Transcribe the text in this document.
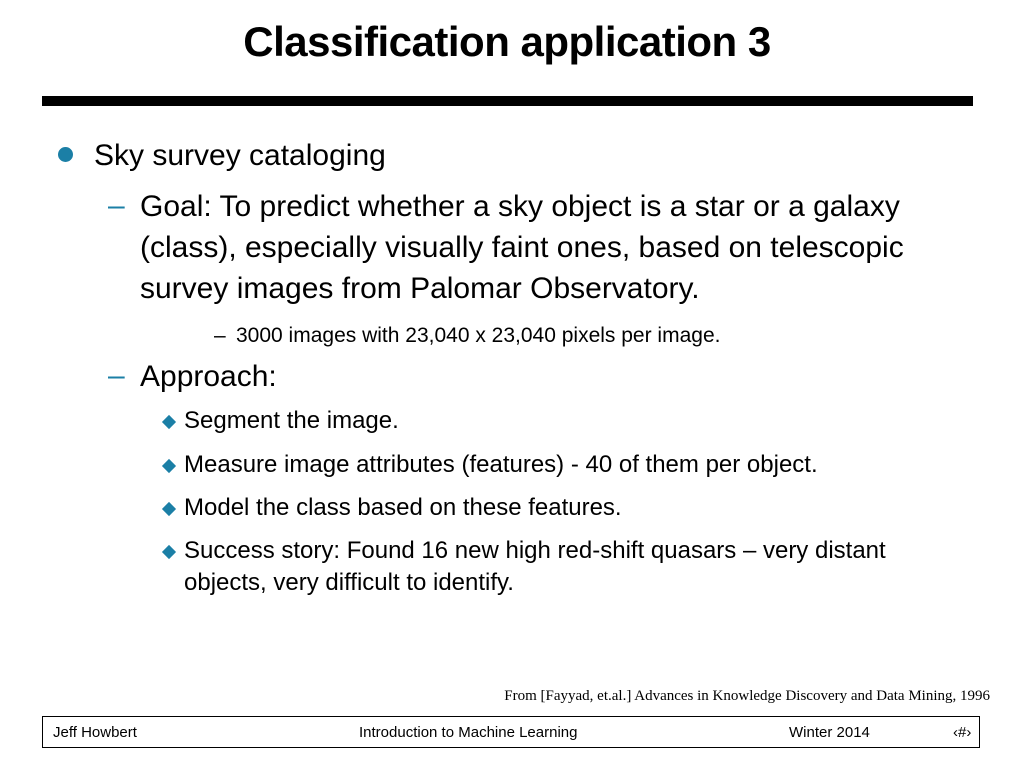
Classification application 3
Sky survey cataloging
– Goal: To predict whether a sky object is a star or a galaxy (class), especially visually faint ones, based on telescopic survey images from Palomar Observatory.
– 3000 images with 23,040 x 23,040 pixels per image.
– Approach:
Segment the image.
Measure image attributes (features) - 40 of them per object.
Model the class based on these features.
Success story: Found 16 new high red-shift quasars – very distant objects, very difficult to identify.
From [Fayyad, et.al.] Advances in Knowledge Discovery and Data Mining, 1996
Jeff Howbert	Introduction to Machine Learning	Winter 2014	‹#›
